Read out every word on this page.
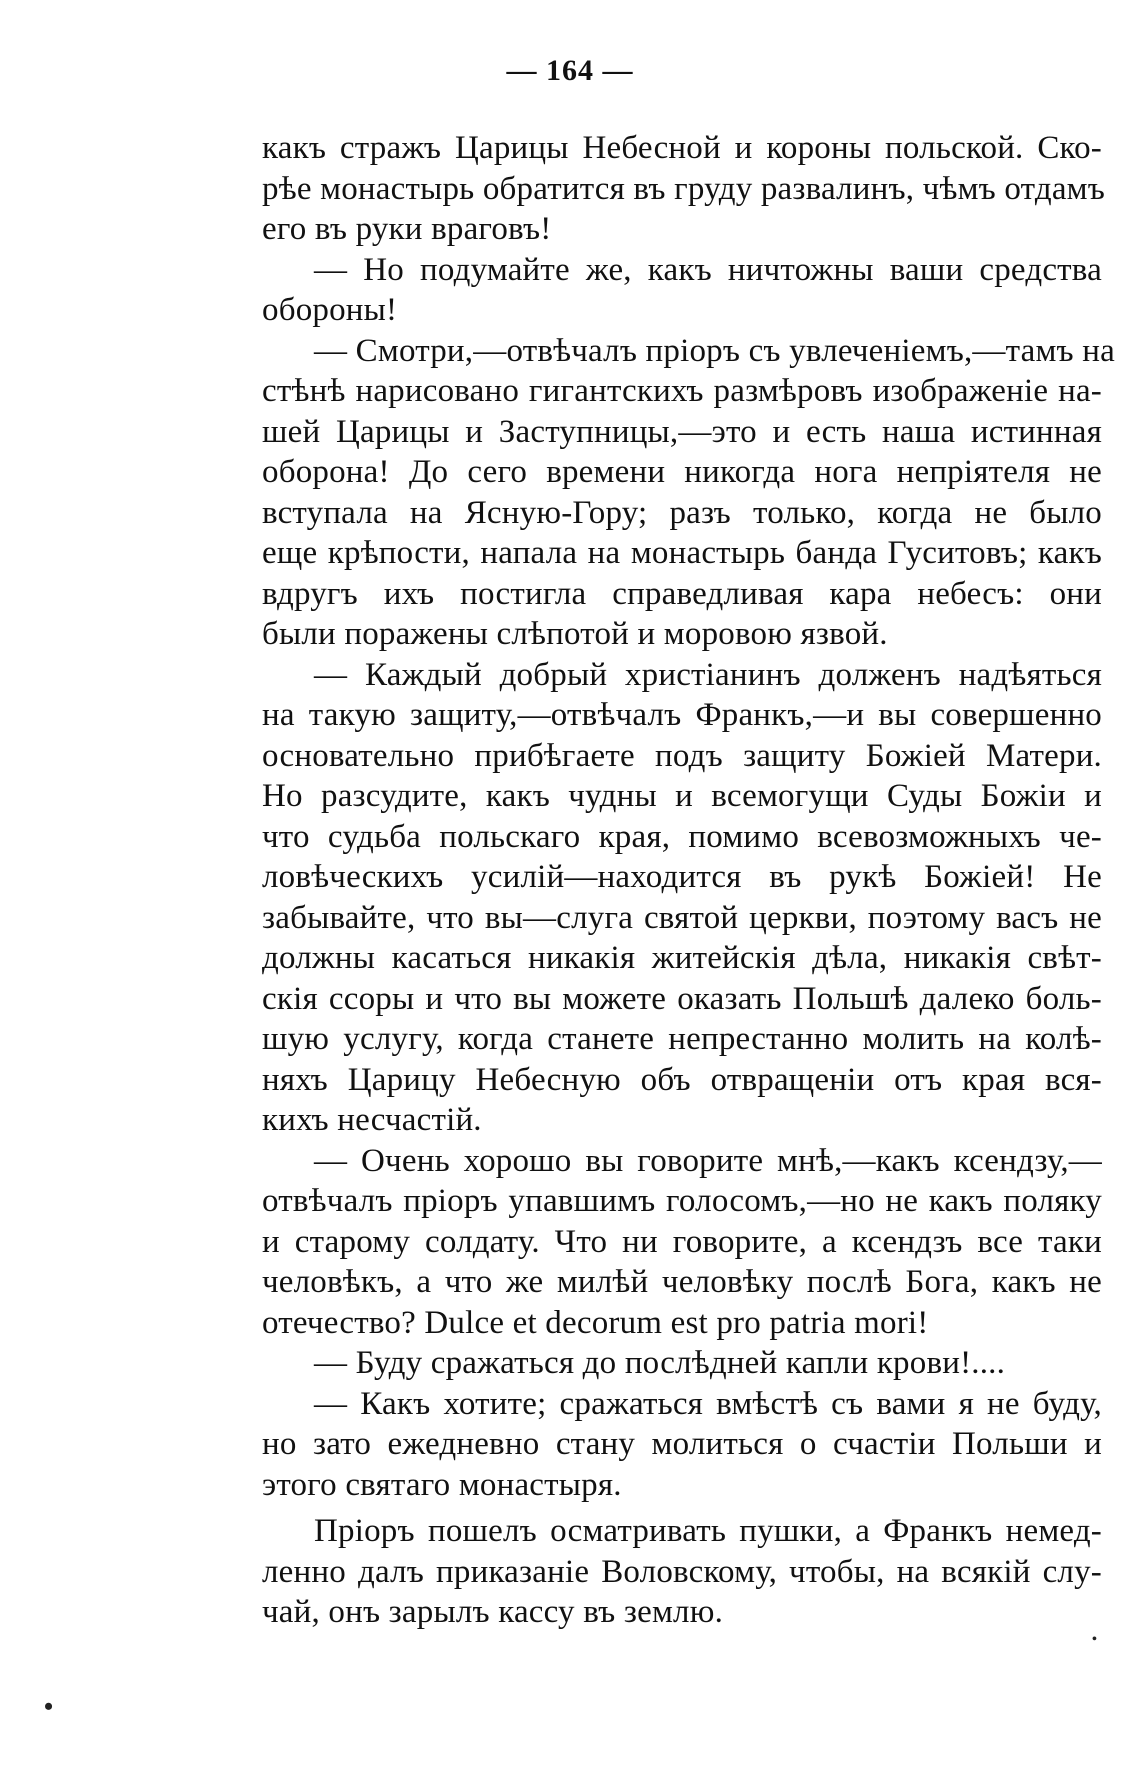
— 164 —
какъ стражъ Царицы Небесной и короны польской. Ско-
рѣе монастырь обратится въ груду развалинъ, чѣмъ отдамъ
его въ руки враговъ!
— Но подумайте же, какъ ничтожны ваши средства
обороны!
— Смотри,—отвѣчалъ пріоръ съ увлеченіемъ,—тамъ на
стѣнѣ нарисовано гигантскихъ размѣровъ изображеніе на-
шей Царицы и Заступницы,—это и есть наша истинная
оборона! До сего времени никогда нога непріятеля не
вступала на Ясную-Гору; разъ только, когда не было
еще крѣпости, напала на монастырь банда Гуситовъ; какъ
вдругъ ихъ постигла справедливая кара небесъ: они
были поражены слѣпотой и моровою язвой.
— Каждый добрый христіанинъ долженъ надѣяться
на такую защиту,—отвѣчалъ Франкъ,—и вы совершенно
основательно прибѣгаете подъ защиту Божіей Матери.
Но разсудите, какъ чудны и всемогущи Суды Божіи и
что судьба польскаго края, помимо всевозможныхъ че-
ловѣческихъ усилій—находится въ рукѣ Божіей! Не
забывайте, что вы—слуга святой церкви, поэтому васъ не
должны касаться никакія житейскія дѣла, никакія свѣт-
скія ссоры и что вы можете оказать Польшѣ далеко боль-
шую услугу, когда станете непрестанно молить на колѣ-
няхъ Царицу Небесную объ отвращеніи отъ края вся-
кихъ несчастій.
— Очень хорошо вы говорите мнѣ,—какъ ксендзу,—
отвѣчалъ пріоръ упавшимъ голосомъ,—но не какъ поляку
и старому солдату. Что ни говорите, а ксендзъ все таки
человѣкъ, а что же милѣй человѣку послѣ Бога, какъ не
отечество? Dulce et decorum est pro patria mori!
— Буду сражаться до послѣдней капли крови!....
— Какъ хотите; сражаться вмѣстѣ съ вами я не буду,
но зато ежедневно стану молиться о счастіи Польши и
этого святаго монастыря.
Пріоръ пошелъ осматривать пушки, а Франкъ немед-
ленно далъ приказаніе Воловскому, чтобы, на всякій слу-
чай, онъ зарылъ кассу въ землю.
•
•
